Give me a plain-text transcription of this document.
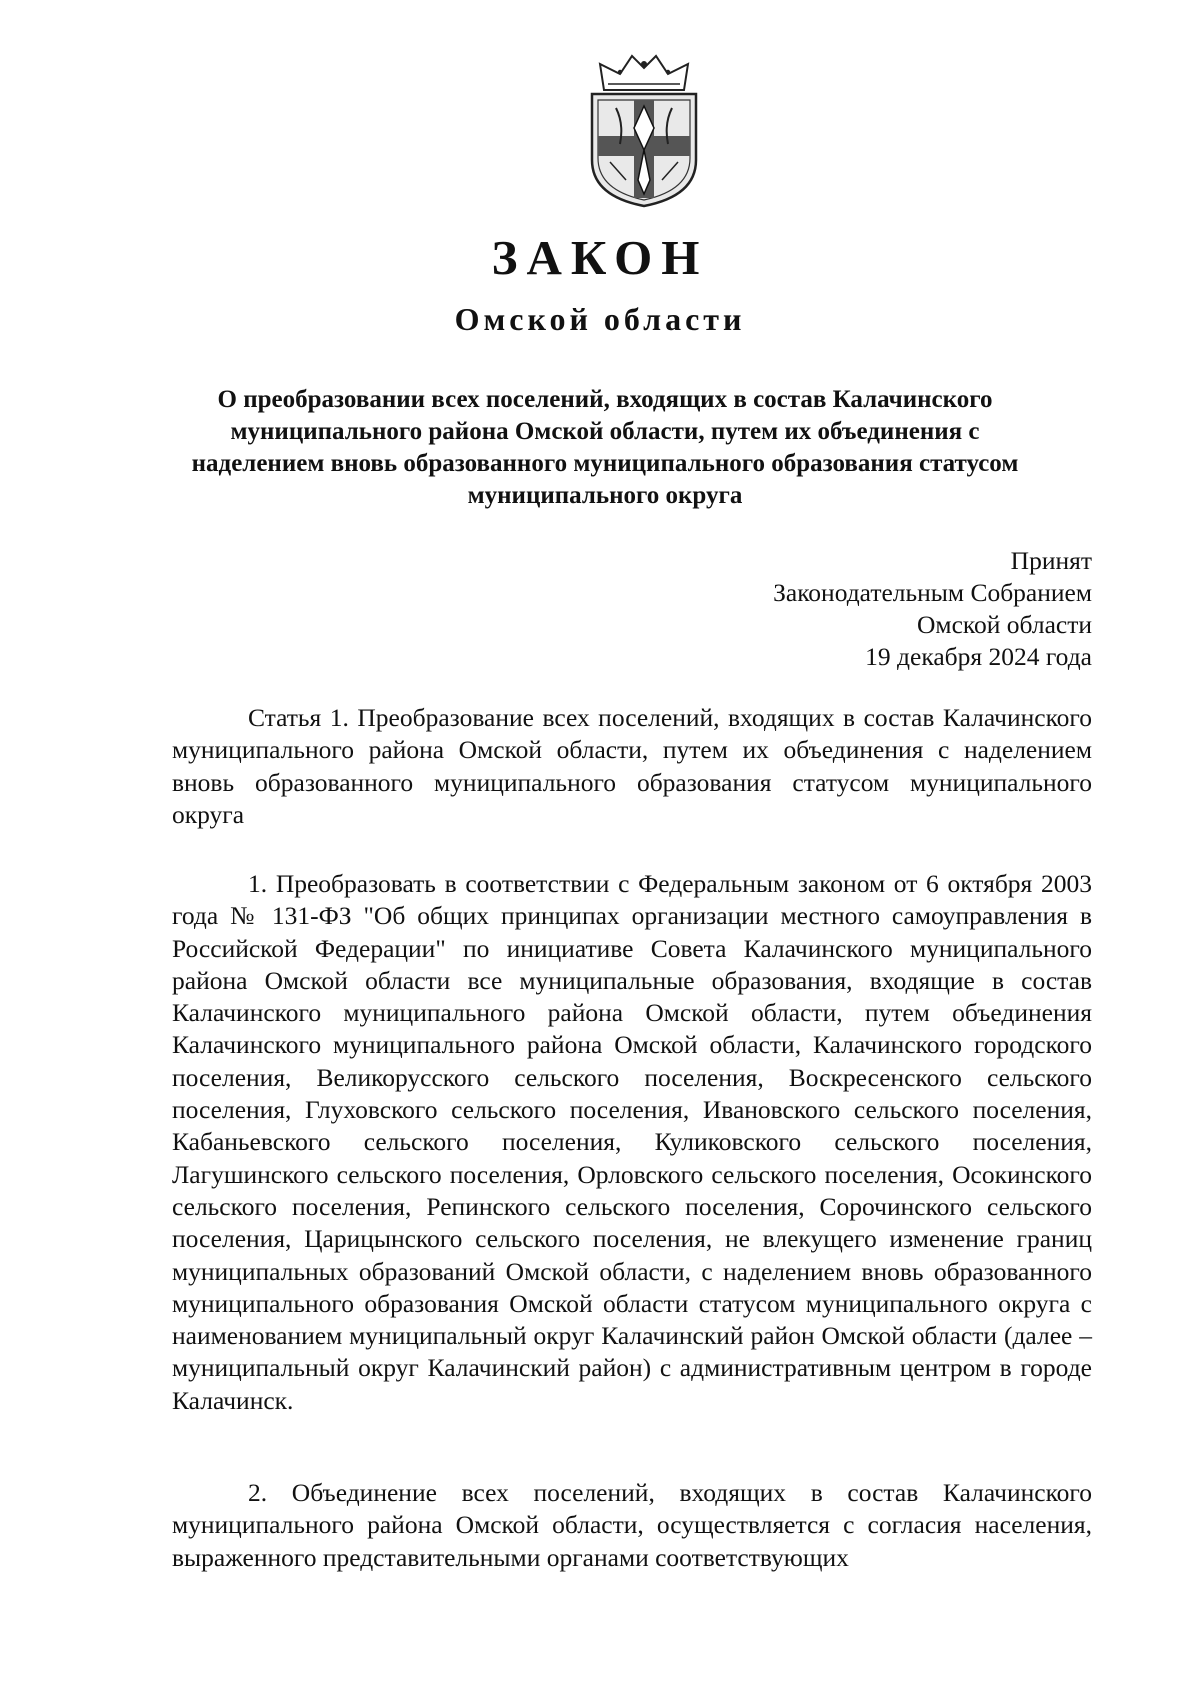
ЗАКОН
Омской области
О преобразовании всех поселений, входящих в состав Калачинского муниципального района Омской области, путем их объединения с наделением вновь образованного муниципального образования статусом муниципального округа
Принят
Законодательным Собранием
Омской области
19 декабря 2024 года
Статья 1. Преобразование всех поселений, входящих в состав Калачинского муниципального района Омской области, путем их объединения с наделением вновь образованного муниципального образования статусом муниципального округа
1. Преобразовать в соответствии с Федеральным законом от 6 октября 2003 года № 131-ФЗ "Об общих принципах организации местного самоуправления в Российской Федерации" по инициативе Совета Калачинского муниципального района Омской области все муниципальные образования, входящие в состав Калачинского муниципального района Омской области, путем объединения Калачинского муниципального района Омской области, Калачинского городского поселения, Великорусского сельского поселения, Воскресенского сельского поселения, Глуховского сельского поселения, Ивановского сельского поселения, Кабаньевского сельского поселения, Куликовского сельского поселения, Лагушинского сельского поселения, Орловского сельского поселения, Осокинского сельского поселения, Репинского сельского поселения, Сорочинского сельского поселения, Царицынского сельского поселения, не влекущего изменение границ муниципальных образований Омской области, с наделением вновь образованного муниципального образования Омской области статусом муниципального округа с наименованием муниципальный округ Калачинский район Омской области (далее – муниципальный округ Калачинский район) с административным центром в городе Калачинск.
2. Объединение всех поселений, входящих в состав Калачинского муниципального района Омской области, осуществляется с согласия населения, выраженного представительными органами соответствующих
